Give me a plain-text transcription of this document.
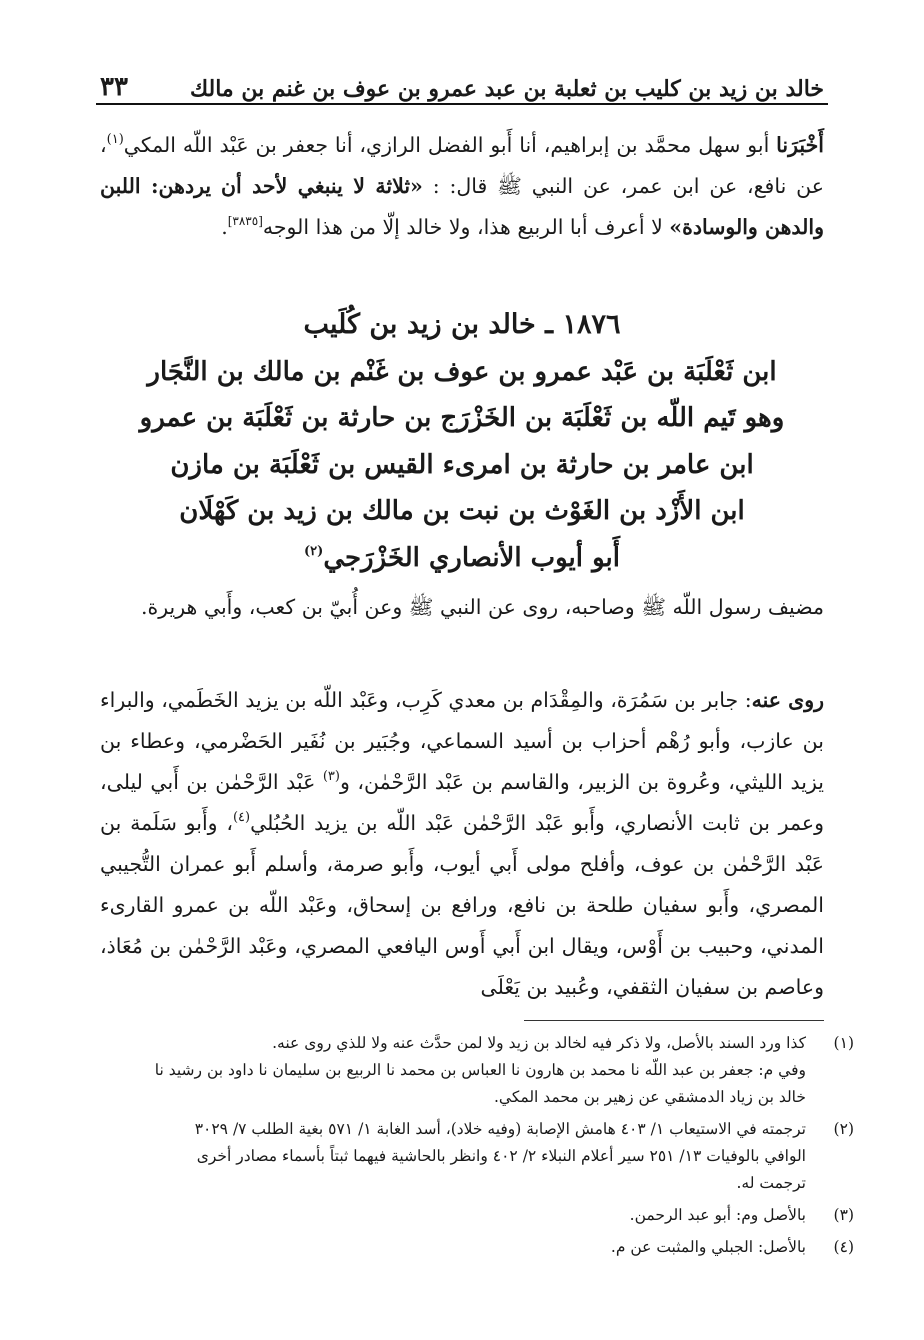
خالد بن زيد بن كليب بن ثعلبة بن عبد عمرو بن عوف بن غنم بن مالك
٣٣

أَخْبَرَنا أبو سهل محمَّد بن إبراهيم، أنا أَبو الفضل الرازي، أنا جعفر بن عَبْد اللّه المكي$^{(١)}$، عن نافع، عن ابن عمر، عن النبي ﷺ قال: : «ثلاثة لا ينبغي لأحد أن يردهن: اللبن والدهن والوسادة» لا أعرف أبا الربيع هذا، ولا خالد إلّا من هذا الوجه[٣٨٣٥].

١٨٧٦ ـ خالد بن زيد بن كُلَيب
ابن ثَعْلَبَة بن عَبْد عمرو بن عوف بن غَنْم بن مالك بن النَّجَار
وهو تَيم اللّه بن ثَعْلَبَة بن الخَزْرَج بن حارثة بن ثَعْلَبَة بن عمرو
ابن عامر بن حارثة بن امرىء القيس بن ثَعْلَبَة بن مازن
ابن الأَزْد بن الغَوْث بن نبت بن مالك بن زيد بن كَهْلَان
أَبو أيوب الأنصاري الخَزْرَجي$^{(٢)}$

مضيف رسول اللّه ﷺ وصاحبه، روى عن النبي ﷺ وعن أُبيّ بن كعب، وأَبي هريرة.

روى عنه: جابر بن سَمُرَة، والمِقْدَام بن معدي كَرِب، وعَبْد اللّه بن يزيد الخَطَمي، والبراء بن عازب، وأبو رُهْم أحزاب بن أسيد السماعي، وجُبَير بن نُفَير الحَضْرمي، وعطاء بن يزيد الليثي، وعُروة بن الزبير، والقاسم بن عَبْد الرَّحْمٰن، و$^{(٣)}$ عَبْد الرَّحْمٰن بن أَبي ليلى، وعمر بن ثابت الأنصاري، وأَبو عَبْد الرَّحْمٰن عَبْد اللّه بن يزيد الحُبُلي$^{(٤)}$، وأَبو سَلَمة بن عَبْد الرَّحْمٰن بن عوف، وأفلح مولى أَبي أيوب، وأَبو صرمة، وأسلم أَبو عمران التُّجيبي المصري، وأَبو سفيان طلحة بن نافع، ورافع بن إسحاق، وعَبْد اللّه بن عمرو القارىء المدني، وحبيب بن أَوْس، ويقال ابن أَبي أَوس اليافعي المصري، وعَبْد الرَّحْمٰن بن مُعَاذ، وعاصم بن سفيان الثقفي، وعُبيد بن يَعْلَى

(١)
كذا ورد السند بالأصل، ولا ذكر فيه لخالد بن زيد ولا لمن حدَّث عنه ولا للذي روى عنه.
وفي م: جعفر بن عبد اللّه نا محمد بن هارون نا العباس بن محمد نا الربيع بن سليمان نا داود بن رشيد نا
خالد بن زياد الدمشقي عن زهير بن محمد المكي.
(٢)
ترجمته في الاستيعاب ١/ ٤٠٣ هامش الإصابة (وفيه خلاد)، أسد الغابة ١/ ٥٧١ بغية الطلب ٧/ ٣٠٢٩
الوافي بالوفيات ١٣/ ٢٥١ سير أعلام النبلاء ٢/ ٤٠٢ وانظر بالحاشية فيهما ثبتاً بأسماء مصادر أخرى
ترجمت له.
(٣)
بالأصل وم: أبو عبد الرحمن.
(٤)
بالأصل: الجبلي والمثبت عن م.
